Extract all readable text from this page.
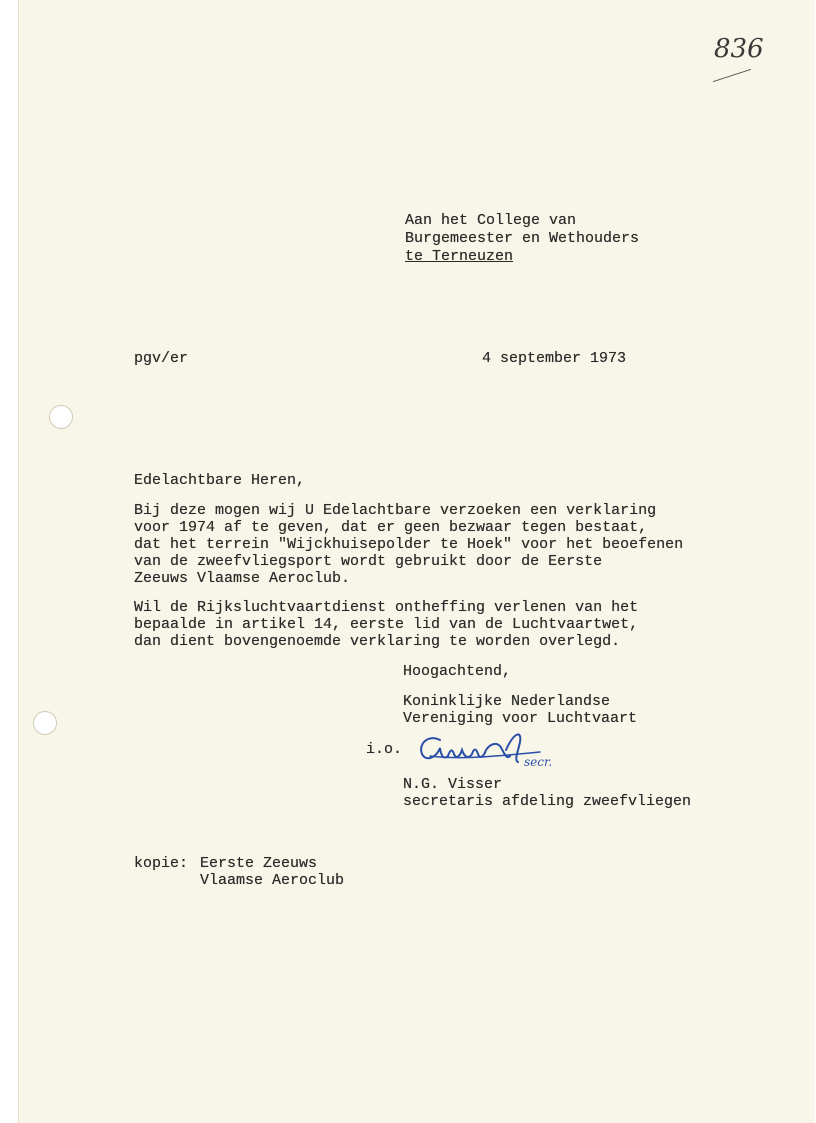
836

Aan het College van

Burgemeester en Wethouders

te Terneuzen

pgv/er	4 september 1973

Edelachtbare Heren,

Bij deze mogen wij U Edelachtbare verzoeken een verklaring

voor 1974 af te geven, dat er geen bezwaar tegen bestaat,

dat het terrein "Wijckhuisepolder te Hoek" voor het beoefenen

van de zweefvliegsport wordt gebruikt door de Eerste

Zeeuws Vlaamse Aeroclub.

Wil de Rijksluchtvaartdienst ontheffing verlenen van het

bepaalde in artikel 14, eerste lid van de Luchtvaartwet,

dan dient bovengenoemde verklaring te worden overlegd.

Hoogachtend,

Koninklijke Nederlandse

Vereniging voor Luchtvaart

i.o.

secr.

N.G. Visser

secretaris afdeling zweefvliegen

kopie: Eerste Zeeuws

Vlaamse Aeroclub
